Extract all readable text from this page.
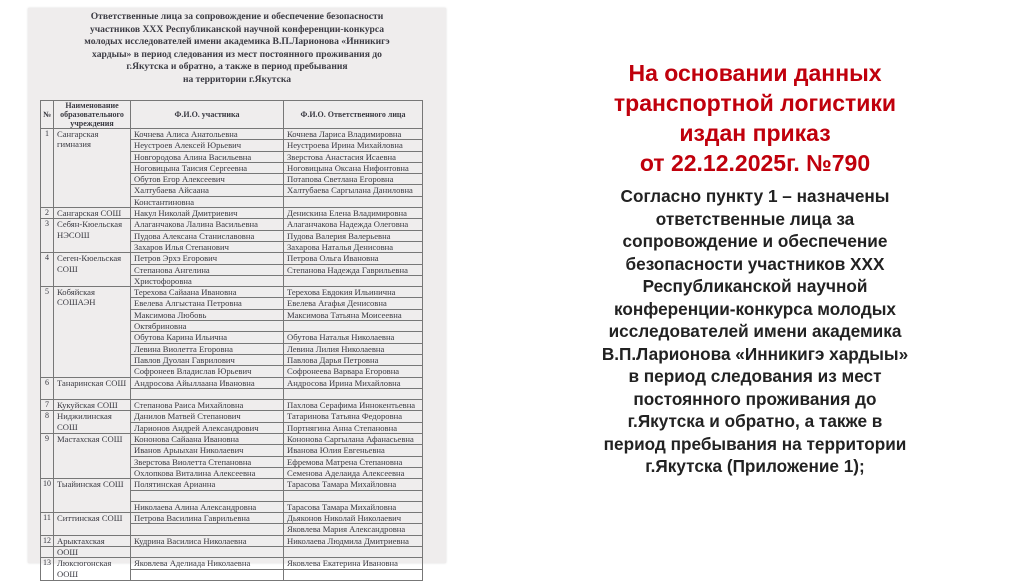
Ответственные лица за сопровождение и обеспечение безопасности
участников XXX Республиканской научной конференции-конкурса
молодых исследователей имени академика В.П.Ларионова «Инникигэ
хардыы» в период следования из мест постоянного проживания до
г.Якутска и обратно, а также в период пребывания
на территории г.Якутска
№	Наименование образовательного учреждения	Ф.И.О. участника	Ф.И.О. Ответственного лица
1	Сангарская гимназия	Кочнева Алиса Анатольевна	Кочнева Лариса Владимировна
		Неустроев Алексей Юрьевич	Неустроева Ирина Михайловна
		Новгородова Алина Васильевна	Зверстова Анастасия Исаевна
		Ноговицына Таисия Сергеевна	Ноговицына Оксана Нифонтовна
		Обутов Егор Алексеевич	Потапова Светлана Егоровна
		Халтубаева Айсаана	Халтубаева Саргылана Даниловна
		Константиновна	
2	Сангарская СОШ	Накул Николай Дмитриевич	Денискина Елена Владимировна
3	Себян-Кюельская НЭСОШ	Алаганчакова Лалина Васильевна	Алаганчакова Надежда Олеговна
		Пудова Алексана Станиславовна	Пудова Валерия Валерьевна
		Захаров Илья Степанович	Захарова Наталья Денисовна
4	Сеген-Кюельская СОШ	Петров Эрхэ Егорович	Петрова Ольга Ивановна
		Степанова Ангелина	Степанова Надежда Гаврильевна
		Христофоровна	
5	Кобяйская СОШАЭН	Терехова Сайаана Ивановна	Терехова Евдокия Ильинична
		Евелева Алгыстана Петровна	Евелева Агафья Денисовна
		Максимова Любовь	Максимова Татьяна Моисеевна
		Октябриновна	
		Обутова Карина Ильична	Обутова Наталья Николаевна
		Левина Виолетта Егоровна	Левина Лилия Николаевна
		Павлов Дуолан Гаврилович	Павлова Дарья Петровна
		Софронеев Владислав Юрьевич	Софронеева Варвара Егоровна
6	Танаринская СОШ	Андросова Айыллаана Ивановна	Андросова Ирина Михайловна

7	Кукуйская СОШ	Степанова Раиса Михайловна	Пахлова Серафима Иннокентьевна
8	Ниджилинская СОШ	Данилов Матвей Степанович	Татаринова Татьяна Федоровна
		Ларионов Андрей Александрович	Портнягина Анна Степановна
9	Мастахская СОШ	Кононова Сайаана Ивановна	Кононова Саргылана Афанасьевна
		Иванов Арыыхан Николаевич	Иванова Юлия Евгеньевна
		Зверстова Виолетта Степановна	Ефремова Матрена Степановна
		Охлопкова Виталина Алексеевна	Семенова Аделаида Алексеевна
10	Тыайинская СОШ	Полятинская Арианна	Тарасова Тамара Михайловна

		Николаева Алина Александровна	Тарасова Тамара Михайловна
11	Ситтинская СОШ	Петрова Василина Гаврильевна	Дьяконов Николай Николаевич
			Яковлева Мария Александровна
12	Арыктахская	Кудрина Василиса Николаевна	Николаева Людмила Дмитриевна
	ООШ		
13	Люксюгонская ООШ	Яковлева Аделиада Николаевна	Яковлева Екатерина Ивановна

На основании данных
транспортной логистики
издан приказ
от 22.12.2025г. №790
Согласно пункту 1 – назначены
ответственные лица за
сопровождение и обеспечение
безопасности участников XXX
Республиканской научной
конференции-конкурса молодых
исследователей имени академика
В.П.Ларионова «Инникигэ хардыы»
в период следования из мест
постоянного проживания до
г.Якутска и обратно, а также в
период пребывания на территории
г.Якутска (Приложение 1);
